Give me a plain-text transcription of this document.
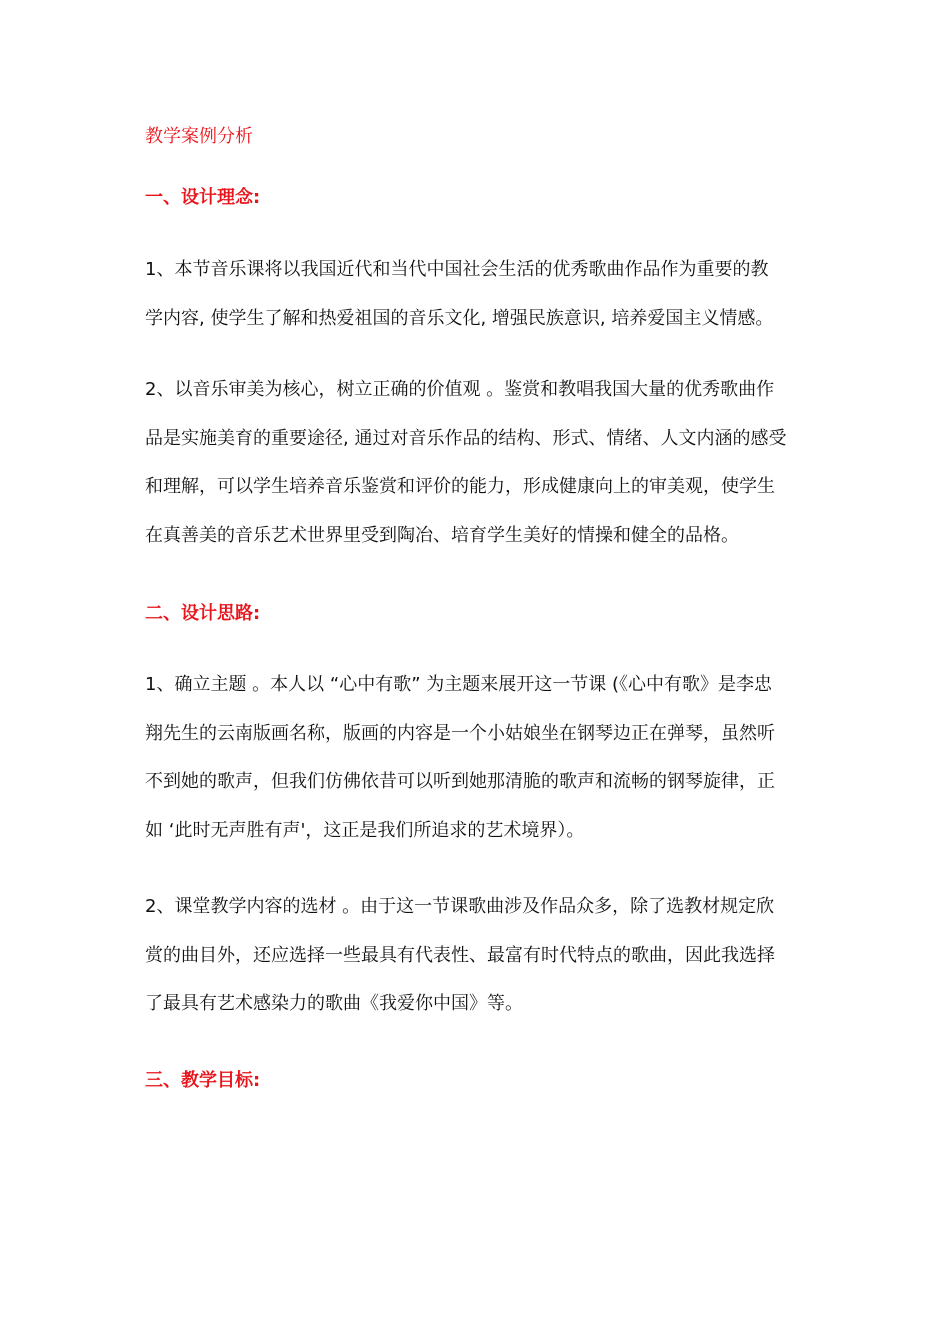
教学案例分析
一、设计理念:
1、本节音乐课将以我国近代和当代中国社会生活的优秀歌曲作品作为重要的教
学内容, 使学生了解和热爱祖国的音乐文化, 增强民族意识, 培养爱国主义情感。
2、以音乐审美为核心，树立正确的价值观 。鉴赏和教唱我国大量的优秀歌曲作
品是实施美育的重要途径, 通过对音乐作品的结构、形式、情绪、人文内涵的感受
和理解，可以学生培养音乐鉴赏和评价的能力，形成健康向上的审美观，使学生
在真善美的音乐艺术世界里受到陶冶、培育学生美好的情操和健全的品格。
二、设计思路:
1、确立主题 。本人以 “心中有歌” 为主题来展开这一节课 (《心中有歌》是李忠
翔先生的云南版画名称，版画的内容是一个小姑娘坐在钢琴边正在弹琴，虽然听
不到她的歌声，但我们仿佛依昔可以听到她那清脆的歌声和流畅的钢琴旋律，正
如 ‘此时无声胜有声'，这正是我们所追求的艺术境界）。
2、课堂教学内容的选材 。由于这一节课歌曲涉及作品众多，除了选教材规定欣
赏的曲目外，还应选择一些最具有代表性、最富有时代特点的歌曲，因此我选择
了最具有艺术感染力的歌曲《我爱你中国》等。
三、教学目标:
